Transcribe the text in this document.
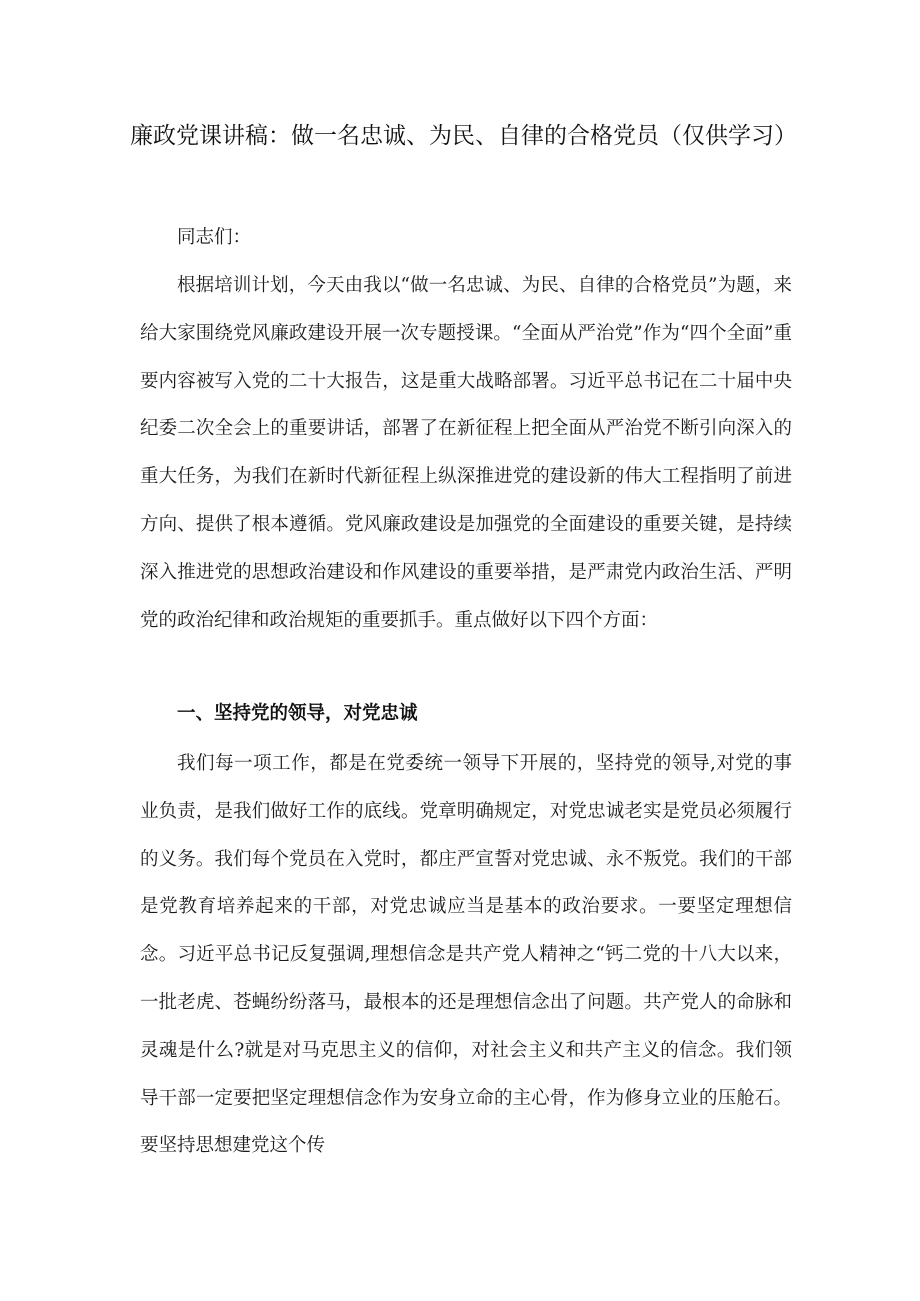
廉政党课讲稿：做一名忠诚、为民、自律的合格党员（仅供学习）

同志们：

根据培训计划，今天由我以“做一名忠诚、为民、自律的合格党员”为题，来给大家围绕党风廉政建设开展一次专题授课。“全面从严治党”作为“四个全面”重要内容被写入党的二十大报告，这是重大战略部署。习近平总书记在二十届中央纪委二次全会上的重要讲话，部署了在新征程上把全面从严治党不断引向深入的重大任务，为我们在新时代新征程上纵深推进党的建设新的伟大工程指明了前进方向、提供了根本遵循。党风廉政建设是加强党的全面建设的重要关键，是持续深入推进党的思想政治建设和作风建设的重要举措，是严肃党内政治生活、严明党的政治纪律和政治规矩的重要抓手。重点做好以下四个方面：

一、坚持党的领导，对党忠诚

我们每一项工作，都是在党委统一领导下开展的，坚持党的领导,对党的事业负责，是我们做好工作的底线。党章明确规定，对党忠诚老实是党员必须履行的义务。我们每个党员在入党时，都庄严宣誓对党忠诚、永不叛党。我们的干部是党教育培养起来的干部，对党忠诚应当是基本的政治要求。一要坚定理想信念。习近平总书记反复强调,理想信念是共产党人精神之“钙二党的十八大以来，一批老虎、苍蝇纷纷落马，最根本的还是理想信念出了问题。共产党人的命脉和灵魂是什么?就是对马克思主义的信仰，对社会主义和共产主义的信念。我们领导干部一定要把坚定理想信念作为安身立命的主心骨，作为修身立业的压舱石。要坚持思想建党这个传
